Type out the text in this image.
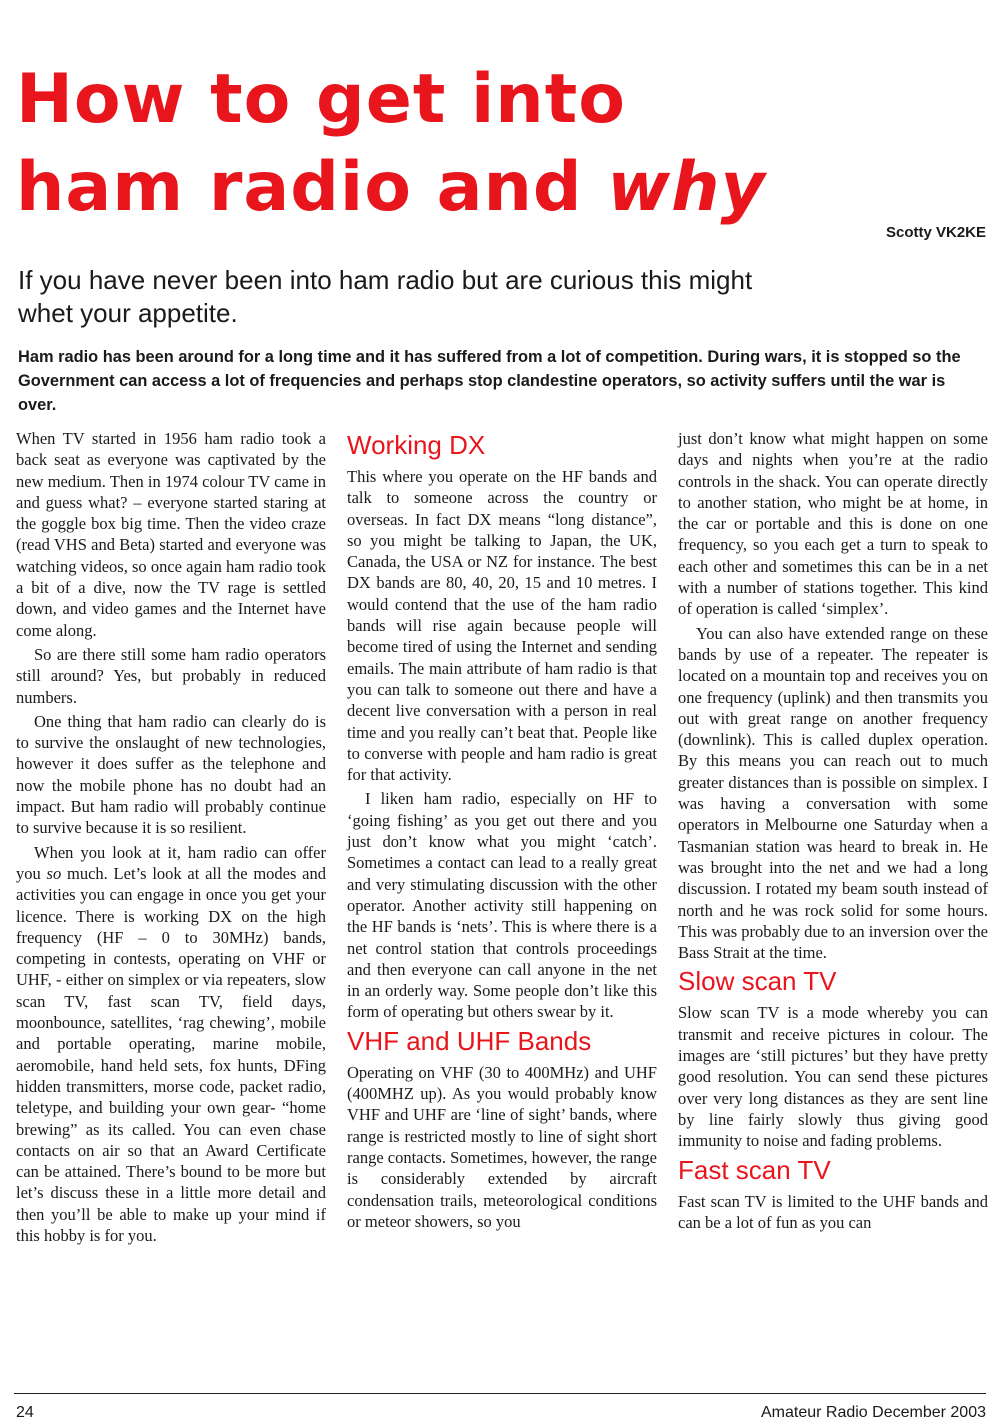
How to get into
ham radio and why
Scotty VK2KE
If you have never been into ham radio but are curious this might whet your appetite.

Ham radio has been around for a long time and it has suffered from a lot of competition. During wars, it is stopped so the Government can access a lot of frequencies and perhaps stop clandestine operators, so activity suffers until the war is over.

When TV started in 1956 ham radio took a back seat as everyone was captivated by the new medium. Then in 1974 colour TV came in and guess what? – everyone started staring at the goggle box big time. Then the video craze (read VHS and Beta) started and everyone was watching videos, so once again ham radio took a bit of a dive, now the TV rage is settled down, and video games and the Internet have come along.

So are there still some ham radio operators still around? Yes, but probably in reduced numbers.

One thing that ham radio can clearly do is to survive the onslaught of new technologies, however it does suffer as the telephone and now the mobile phone has no doubt had an impact. But ham radio will probably continue to survive because it is so resilient.

When you look at it, ham radio can offer you so much. Let’s look at all the modes and activities you can engage in once you get your licence. There is working DX on the high frequency (HF – 0 to 30MHz) bands, competing in contests, operating on VHF or UHF, - either on simplex or via repeaters, slow scan TV, fast scan TV, field days, moonbounce, satellites, ‘rag chewing’, mobile and portable operating, marine mobile, aeromobile, hand held sets, fox hunts, DFing hidden transmitters, morse code, packet radio, teletype, and building your own gear- “home brewing” as its called. You can even chase contacts on air so that an Award Certificate can be attained. There’s bound to be more but let’s discuss these in a little more detail and then you’ll be able to make up your mind if this hobby is for you.

Working DX

This where you operate on the HF bands and talk to someone across the country or overseas. In fact DX means “long distance”, so you might be talking to Japan, the UK, Canada, the USA or NZ for instance. The best DX bands are 80, 40, 20, 15 and 10 metres. I would contend that the use of the ham radio bands will rise again because people will become tired of using the Internet and sending emails. The main attribute of ham radio is that you can talk to someone out there and have a decent live conversation with a person in real time and you really can’t beat that. People like to converse with people and ham radio is great for that activity.

I liken ham radio, especially on HF to ‘going fishing’ as you get out there and you just don’t know what you might ‘catch’. Sometimes a contact can lead to a really great and very stimulating discussion with the other operator. Another activity still happening on the HF bands is ‘nets’. This is where there is a net control station that controls proceedings and then everyone can call anyone in the net in an orderly way. Some people don’t like this form of operating but others swear by it.

VHF and UHF Bands

Operating on VHF (30 to 400MHz) and UHF (400MHZ up). As you would probably know VHF and UHF are ‘line of sight’ bands, where range is restricted mostly to line of sight short range contacts. Sometimes, however, the range is considerably extended by aircraft condensation trails, meteorological conditions or meteor showers, so you

just don’t know what might happen on some days and nights when you’re at the radio controls in the shack. You can operate directly to another station, who might be at home, in the car or portable and this is done on one frequency, so you each get a turn to speak to each other and sometimes this can be in a net with a number of stations together. This kind of operation is called ‘simplex’.

You can also have extended range on these bands by use of a repeater. The repeater is located on a mountain top and receives you on one frequency (uplink) and then transmits you out with great range on another frequency (downlink). This is called duplex operation. By this means you can reach out to much greater distances than is possible on simplex. I was having a conversation with some operators in Melbourne one Saturday when a Tasmanian station was heard to break in. He was brought into the net and we had a long discussion. I rotated my beam south instead of north and he was rock solid for some hours. This was probably due to an inversion over the Bass Strait at the time.

Slow scan TV

Slow scan TV is a mode whereby you can transmit and receive pictures in colour. The images are ‘still pictures’ but they have pretty good resolution. You can send these pictures over very long distances as they are sent line by line fairly slowly thus giving good immunity to noise and fading problems.

Fast scan TV

Fast scan TV is limited to the UHF bands and can be a lot of fun as you can

24	Amateur Radio December 2003
